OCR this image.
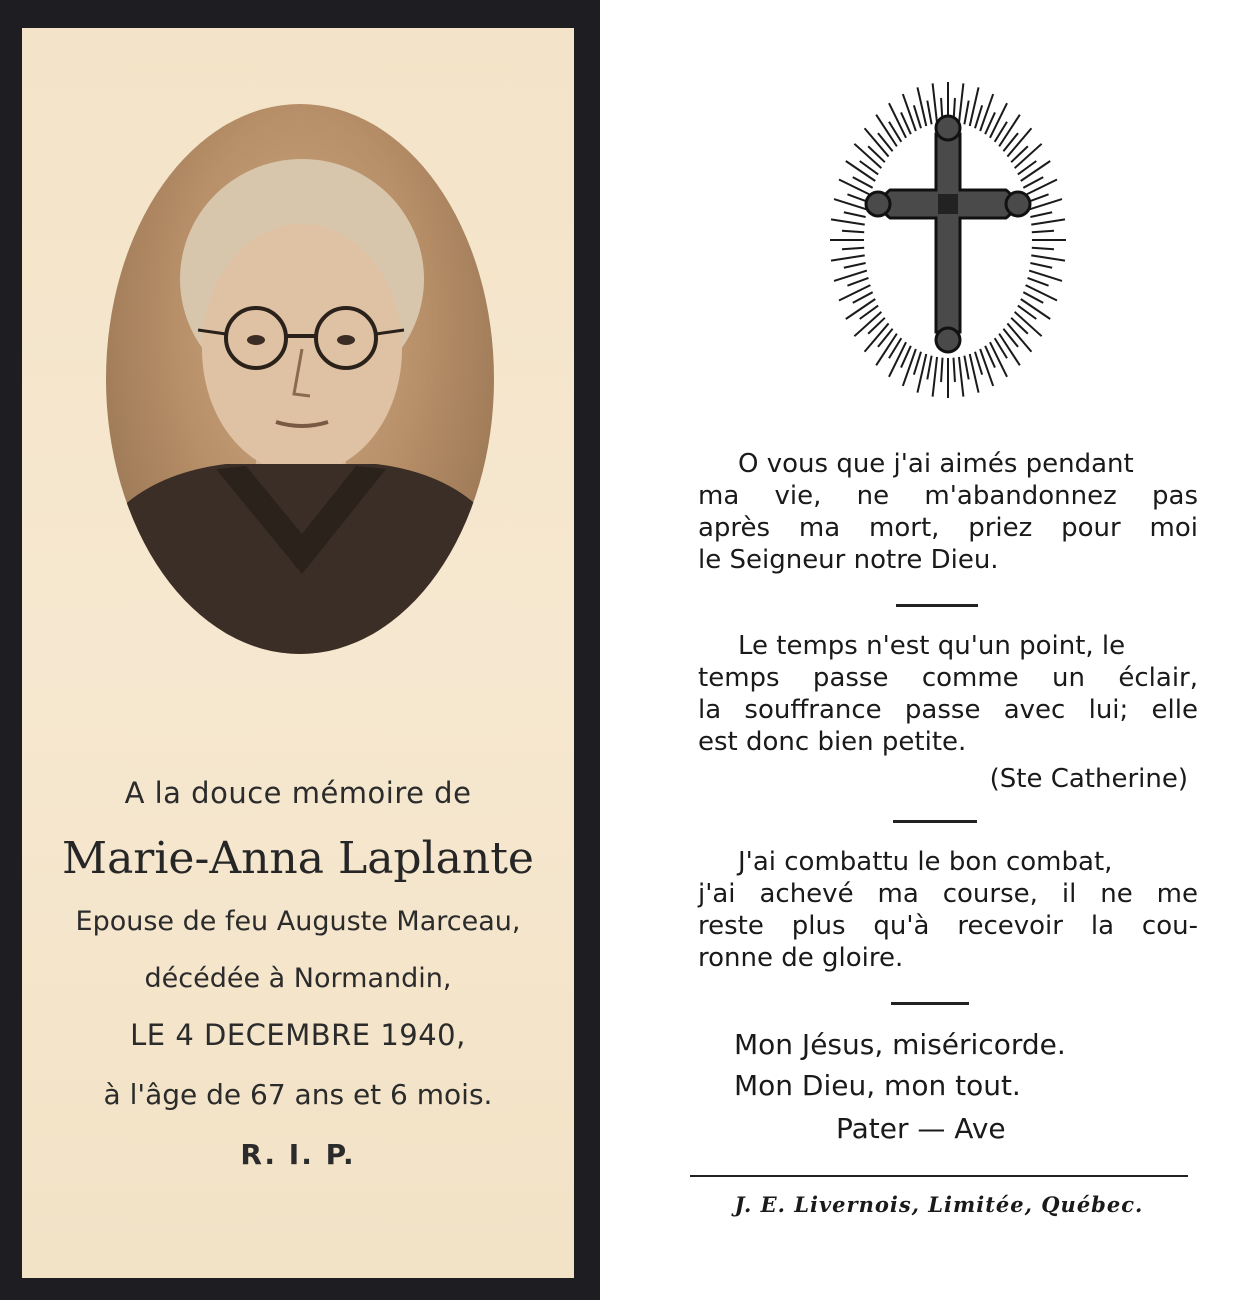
A la douce mémoire de
Marie-Anna Laplante
Epouse de feu Auguste Marceau,
décédée à Normandin,
LE 4 DECEMBRE 1940,
à l'âge de 67 ans et 6 mois.
R. I. P.
O vous que j'ai aimés pendant
ma vie, ne m'abandonnez pas
après ma mort, priez pour moi
le Seigneur notre Dieu.
Le temps n'est qu'un point, le
temps passe comme un éclair,
la souffrance passe avec lui; elle
est donc bien petite.
(Ste Catherine)
J'ai combattu le bon combat,
j'ai achevé ma course, il ne me
reste plus qu'à recevoir la cou-
ronne de gloire.
Mon Jésus, miséricorde.
Mon Dieu, mon tout.
Pater — Ave
J. E. Livernois, Limitée, Québec.
